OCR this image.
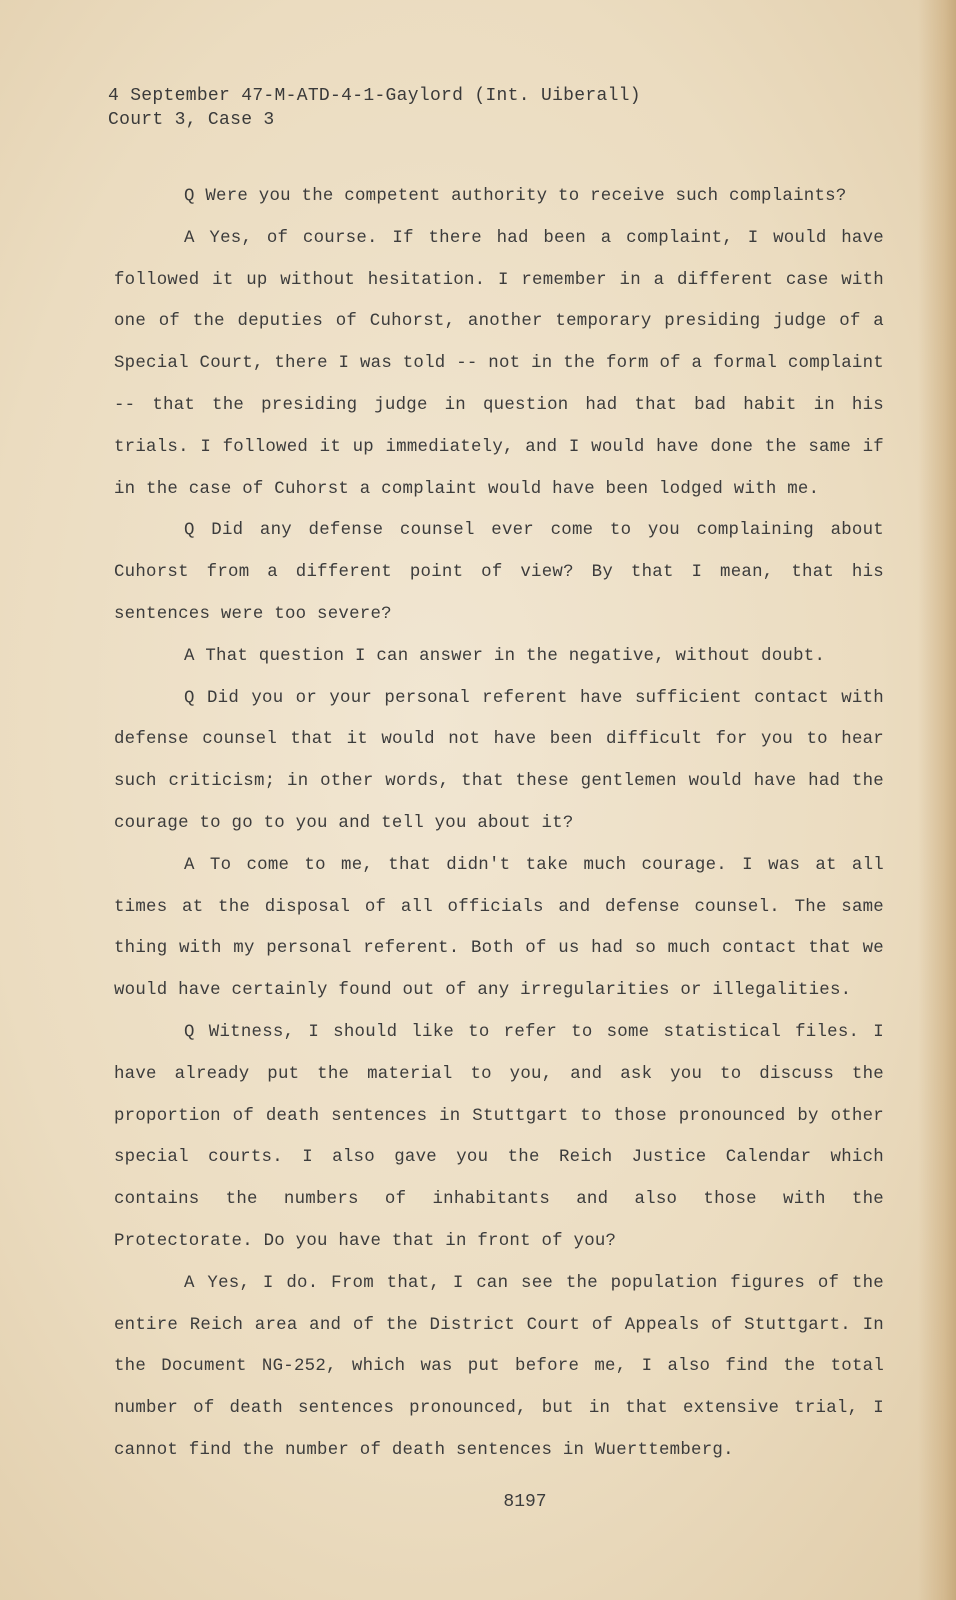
4 September 47-M-ATD-4-1-Gaylord (Int. Uiberall)
Court 3, Case 3

Q Were you the competent authority to receive such complaints?

A Yes, of course. If there had been a complaint, I would have followed it up without hesitation. I remember in a different case with one of the deputies of Cuhorst, another temporary presiding judge of a Special Court, there I was told -- not in the form of a formal complaint -- that the presiding judge in question had that bad habit in his trials. I followed it up immediately, and I would have done the same if in the case of Cuhorst a complaint would have been lodged with me.

Q Did any defense counsel ever come to you complaining about Cuhorst from a different point of view? By that I mean, that his sentences were too severe?

A That question I can answer in the negative, without doubt.

Q Did you or your personal referent have sufficient contact with defense counsel that it would not have been difficult for you to hear such criticism; in other words, that these gentlemen would have had the courage to go to you and tell you about it?

A To come to me, that didn't take much courage. I was at all times at the disposal of all officials and defense counsel. The same thing with my personal referent. Both of us had so much contact that we would have certainly found out of any irregularities or illegalities.

Q Witness, I should like to refer to some statistical files. I have already put the material to you, and ask you to discuss the proportion of death sentences in Stuttgart to those pronounced by other special courts. I also gave you the Reich Justice Calendar which contains the numbers of inhabitants and also those with the Protectorate. Do you have that in front of you?

A Yes, I do. From that, I can see the population figures of the entire Reich area and of the District Court of Appeals of Stuttgart. In the Document NG-252, which was put before me, I also find the total number of death sentences pronounced, but in that extensive trial, I cannot find the number of death sentences in Wuerttemberg.

8197
